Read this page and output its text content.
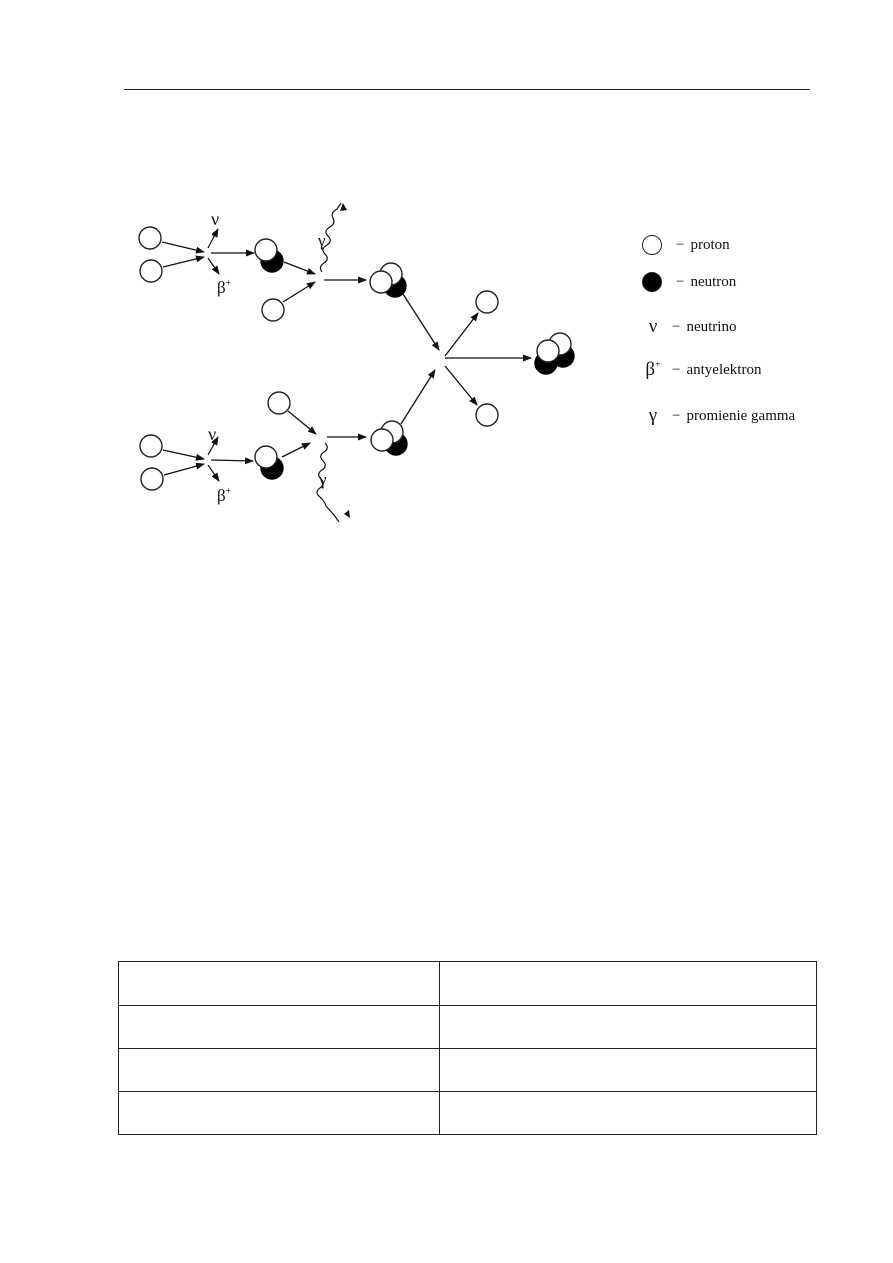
ν
β+
γ
ν
β+
γ
− proton
− neutron
ν − neutrino
β+ − antyelektron
γ − promienie gamma
